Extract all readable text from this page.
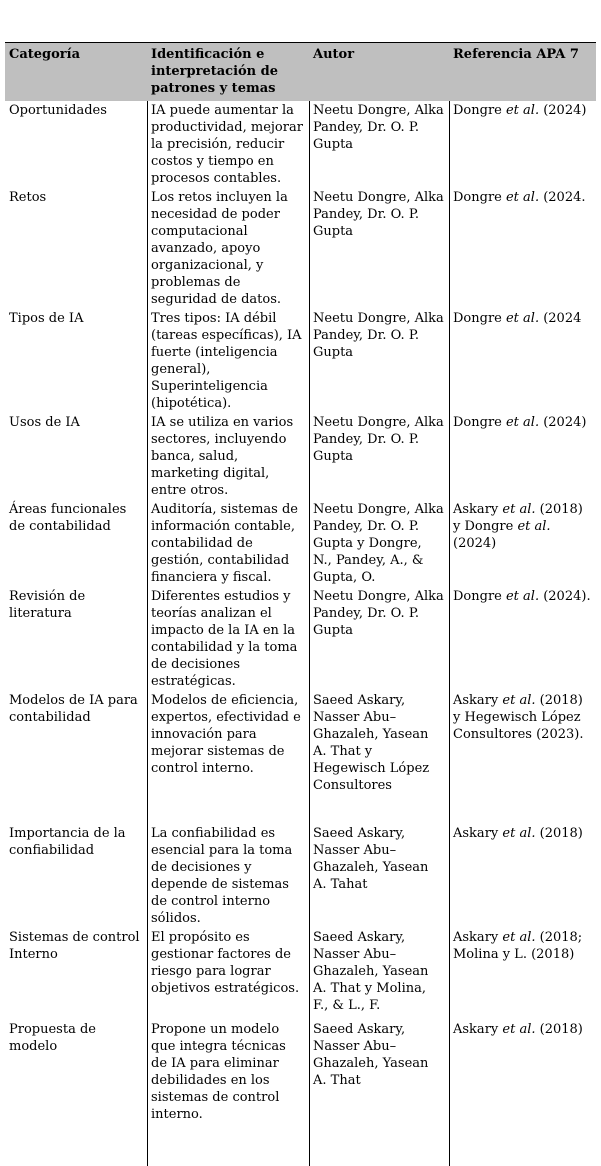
Categoría	Identificación e interpretación de patrones y temas	Autor	Referencia APA 7
Oportunidades	IA puede aumentar la productividad, mejorar la precisión, reducir costos y tiempo en procesos contables.	Neetu Dongre, Alka Pandey, Dr. O. P. Gupta	Dongre et al. (2024)
Retos	Los retos incluyen la necesidad de poder computacional avanzado, apoyo organizacional, y problemas de seguridad de datos.	Neetu Dongre, Alka Pandey, Dr. O. P. Gupta	Dongre et al. (2024.
Tipos de IA	Tres tipos: IA débil (tareas específicas), IA fuerte (inteligencia general), Superinteligencia (hipotética).	Neetu Dongre, Alka Pandey, Dr. O. P. Gupta	Dongre et al. (2024
Usos de IA	IA se utiliza en varios sectores, incluyendo banca, salud, marketing digital, entre otros.	Neetu Dongre, Alka Pandey, Dr. O. P. Gupta	Dongre et al. (2024)
Áreas funcionales de contabilidad	Auditoría, sistemas de información contable, contabilidad de gestión, contabilidad financiera y fiscal.	Neetu Dongre, Alka Pandey, Dr. O. P. Gupta y Dongre, N., Pandey, A., & Gupta, O.	Askary et al. (2018) y Dongre et al. (2024)
Revisión de literatura	Diferentes estudios y teorías analizan el impacto de la IA en la contabilidad y la toma de decisiones estratégicas.	Neetu Dongre, Alka Pandey, Dr. O. P. Gupta	Dongre et al. (2024).
Modelos de IA para contabilidad	Modelos de eficiencia, expertos, efectividad e innovación para mejorar sistemas de control interno.	Saeed Askary, Nasser Abu–Ghazaleh, Yasean A. That y Hegewisch López Consultores	Askary et al. (2018) y Hegewisch López Consultores (2023).
Importancia de la confiabilidad	La confiabilidad es esencial para la toma de decisiones y depende de sistemas de control interno sólidos.	Saeed Askary, Nasser Abu–Ghazaleh, Yasean A. Tahat	Askary et al. (2018)
Sistemas de control Interno	El propósito es gestionar factores de riesgo para lograr objetivos estratégicos.	Saeed Askary, Nasser Abu–Ghazaleh, Yasean A. That y Molina, F., & L., F.	Askary et al. (2018; Molina y L. (2018)
Propuesta de modelo	Propone un modelo que integra técnicas de IA para eliminar debilidades en los sistemas de control interno.	Saeed Askary, Nasser Abu–Ghazaleh, Yasean A. That	Askary et al. (2018)
